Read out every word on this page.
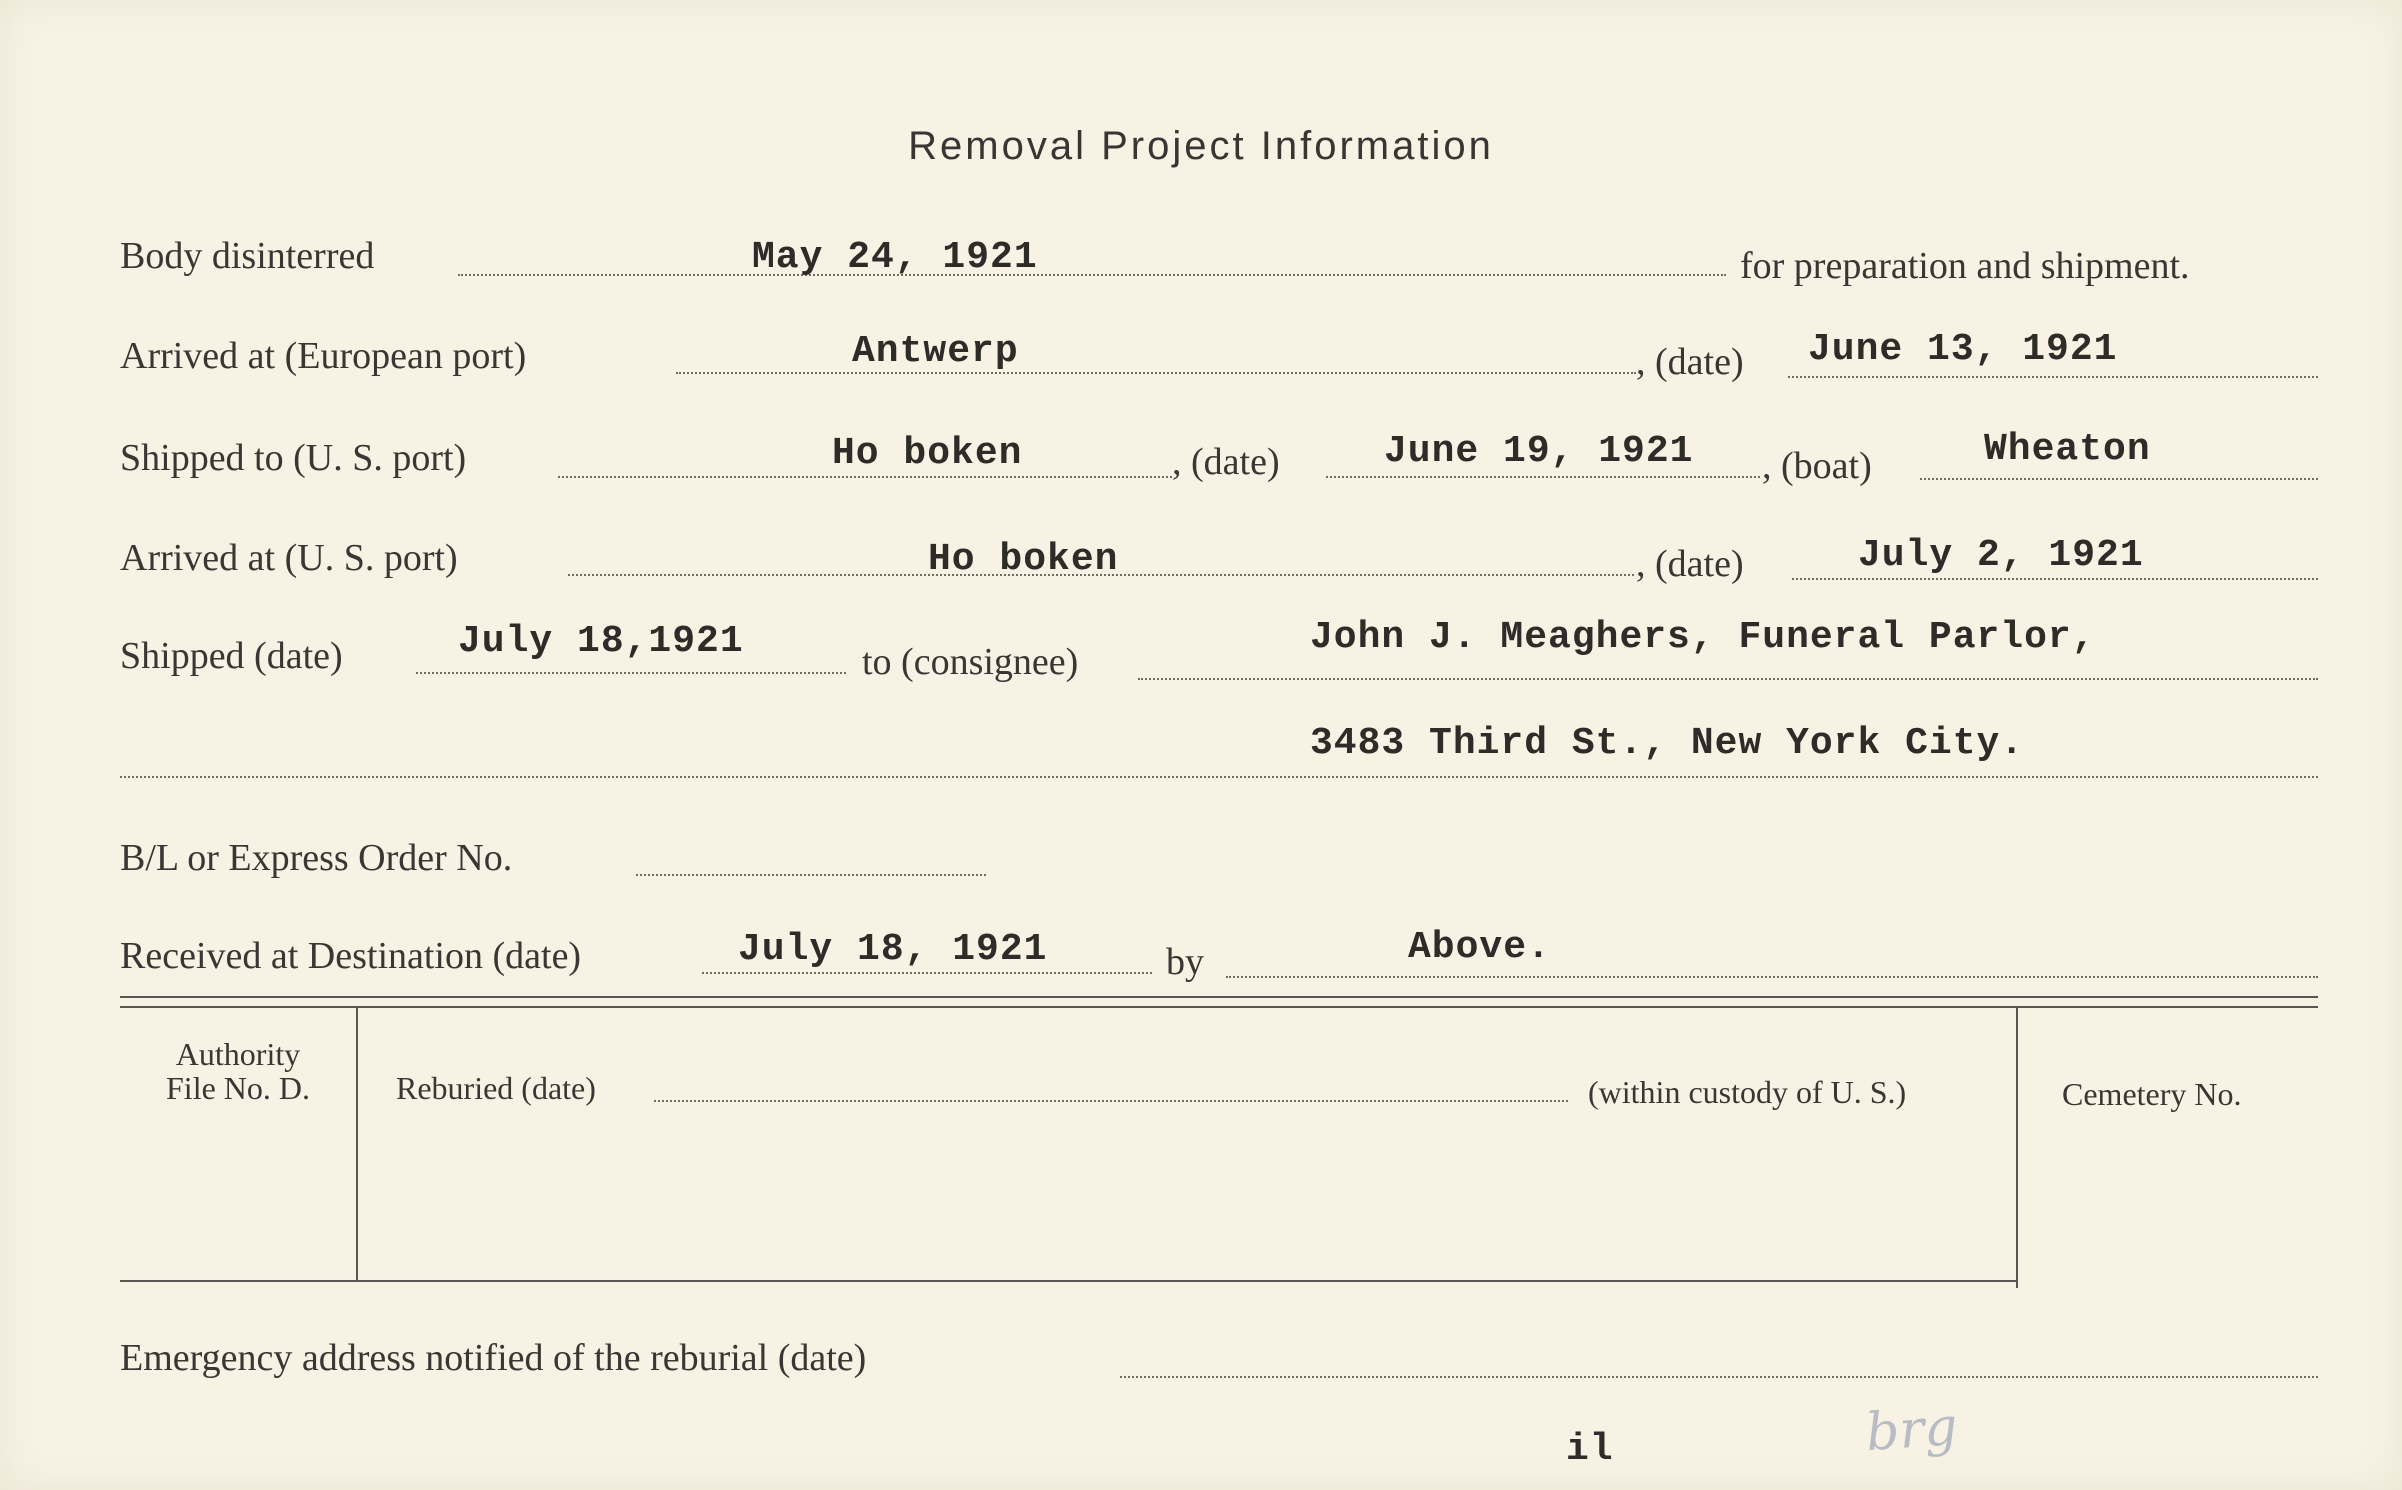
Removal Project Information
Body disinterred	May 24, 1921	for preparation and shipment.
Arrived at (European port)	Antwerp	, (date) June 13, 1921
Shipped to (U. S. port)	Ho boken	, (date)	June 19, 1921 , (boat)	Wheaton
Arrived at (U. S. port)	Ho boken	, (date)	July 2, 1921
Shipped (date)	July 18,1921	to (consignee)
John J. Meaghers, Funeral Parlor,
3483 Third St., New York City.
B/L or Express Order No.
Received at Destination (date)	July 18, 1921	by	Above.
Authority
File No. D.	Reburied (date)	(within custody of U. S.)	Cemetery No.
Emergency address notified of the reburial (date)
il	brg
